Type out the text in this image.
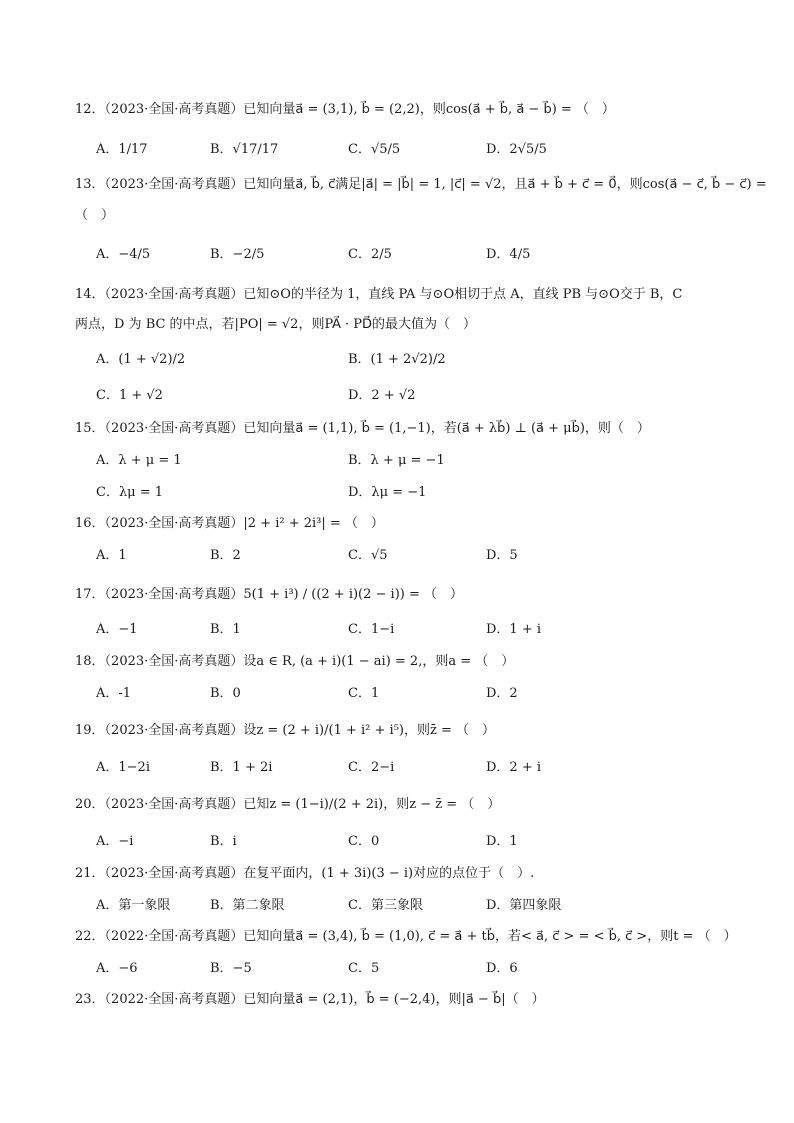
12．（2023·全国·高考真题）已知向量a⃗ = (3,1), b⃗ = (2,2)，则cos(a⃗ + b⃗, a⃗ − b⃗) = （　）
A．1/17	B．√17/17	C．√5/5	D．2√5/5
13．（2023·全国·高考真题）已知向量a⃗, b⃗, c⃗满足|a⃗| = |b⃗| = 1, |c⃗| = √2，且a⃗ + b⃗ + c⃗ = 0⃗，则cos(a⃗ − c⃗, b⃗ − c⃗) =
（　）
A．−4/5	B．−2/5	C．2/5	D．4/5
14．（2023·全国·高考真题）已知⊙O的半径为 1，直线 PA 与⊙O相切于点 A，直线 PB 与⊙O交于 B，C
两点，D 为 BC 的中点，若|PO| = √2，则PA⃗ · PD⃗的最大值为（　）
A．(1 + √2)/2	B．(1 + 2√2)/2
C．1 + √2	D．2 + √2
15．（2023·全国·高考真题）已知向量a⃗ = (1,1), b⃗ = (1,−1)，若(a⃗ + λb⃗) ⊥ (a⃗ + μb⃗)，则（　）
A．λ + μ = 1	B．λ + μ = −1
C．λμ = 1	D．λμ = −1
16．（2023·全国·高考真题）|2 + i² + 2i³| = （　）
A．1	B．2	C．√5	D．5
17．（2023·全国·高考真题）5(1 + i³) / ((2 + i)(2 − i)) = （　）
A．−1	B．1	C．1−i	D．1 + i
18．（2023·全国·高考真题）设a ∈ R, (a + i)(1 − ai) = 2,，则a = （　）
A．-1	B．0	C．1	D．2
19．（2023·全国·高考真题）设z = (2 + i)/(1 + i² + i⁵)，则z̄ = （　）
A．1−2i	B．1 + 2i	C．2−i	D．2 + i
20．（2023·全国·高考真题）已知z = (1−i)/(2 + 2i)，则z − z̄ = （　）
A．−i	B．i	C．0	D．1
21．（2023·全国·高考真题）在复平面内，(1 + 3i)(3 − i)对应的点位于（　）.
A．第一象限	B．第二象限	C．第三象限	D．第四象限
22．（2022·全国·高考真题）已知向量a⃗ = (3,4), b⃗ = (1,0), c⃗ = a⃗ + tb⃗，若< a⃗, c⃗ > = < b⃗, c⃗ >，则t = （　）
A．−6	B．−5	C．5	D．6
23．（2022·全国·高考真题）已知向量a⃗ = (2,1)，b⃗ = (−2,4)，则|a⃗ − b⃗|（　）
